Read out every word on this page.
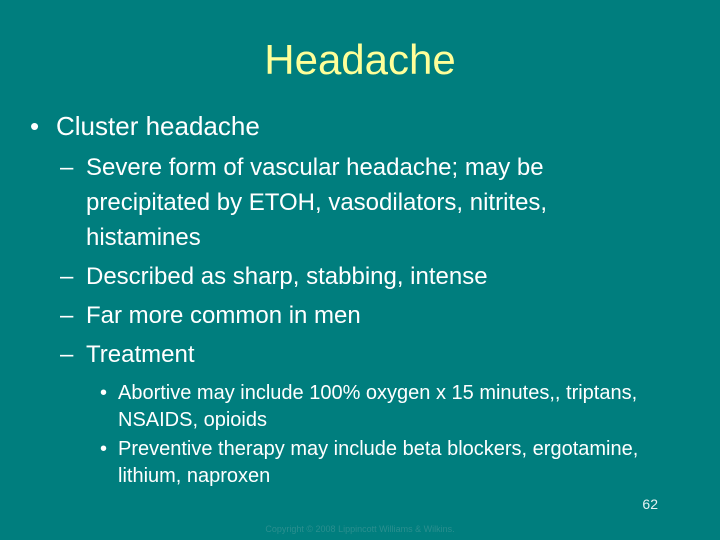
Headache
• Cluster headache
– Severe form of vascular headache; may be precipitated by ETOH, vasodilators, nitrites, histamines
– Described as sharp, stabbing, intense
– Far more common in men
– Treatment
• Abortive may include 100% oxygen x 15 minutes,, triptans, NSAIDS, opioids
• Preventive therapy may include beta blockers, ergotamine, lithium, naproxen
62
Copyright © 2008 Lippincott Williams & Wilkins.
